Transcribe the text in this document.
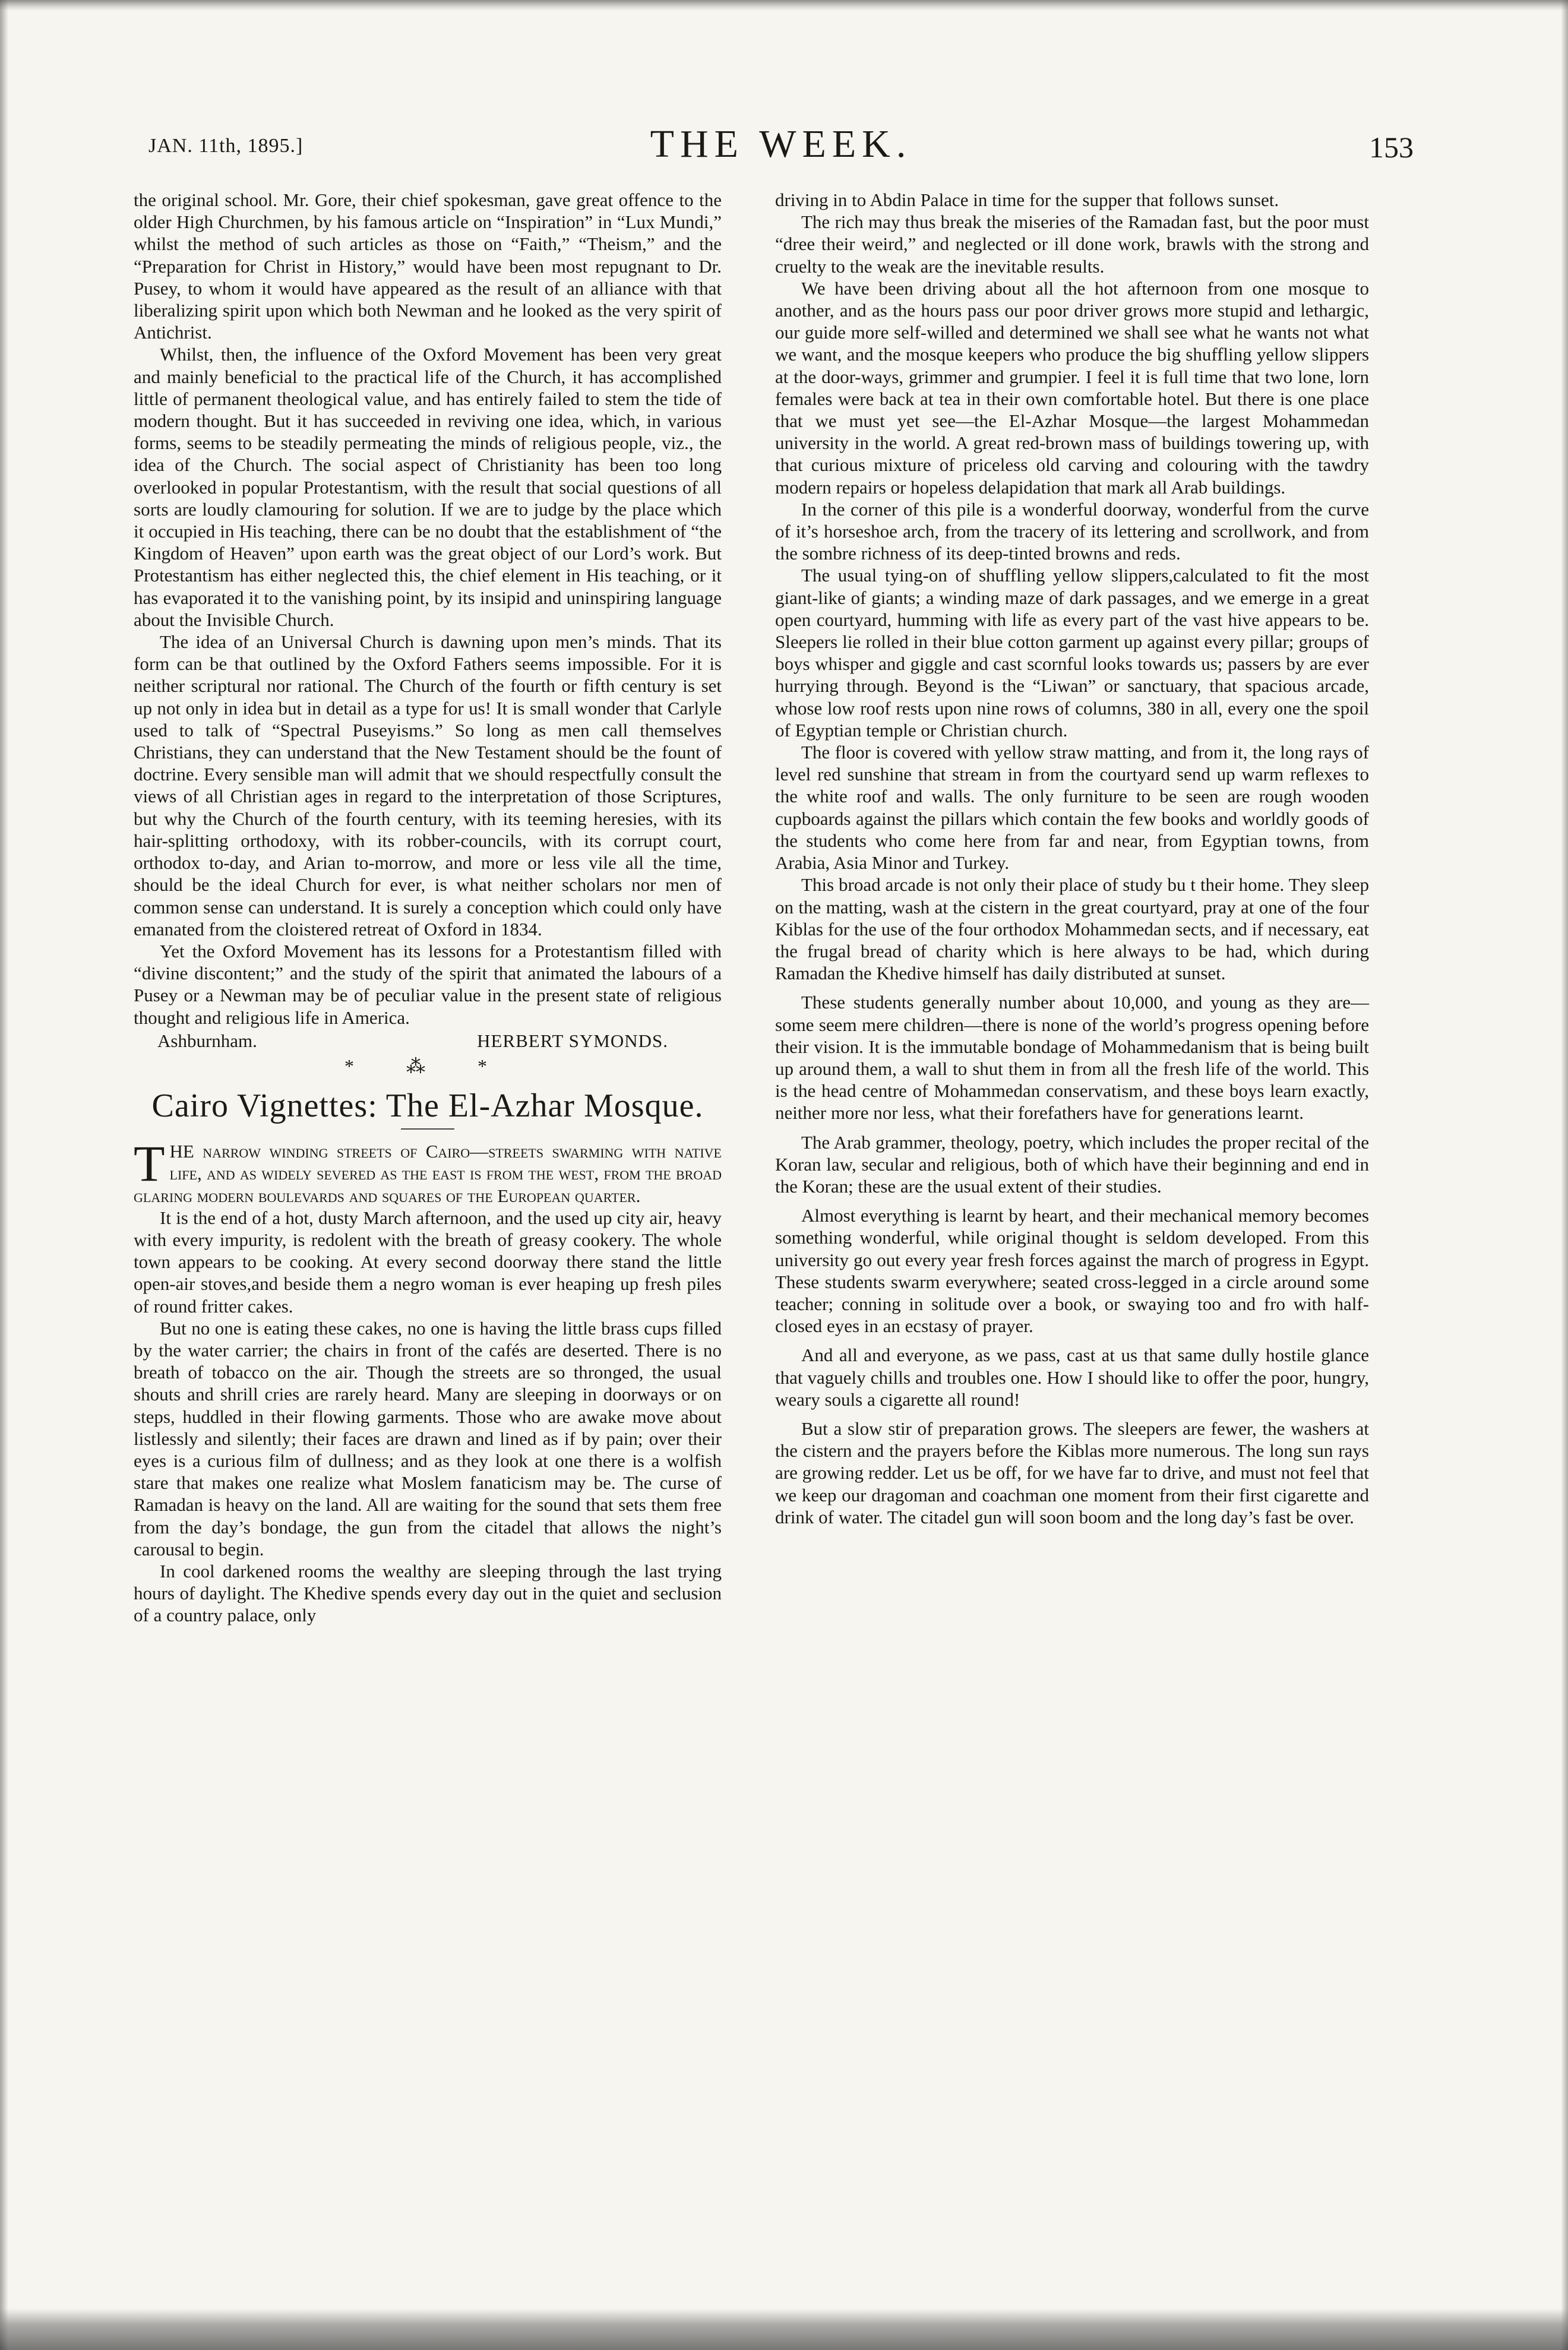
JAN. 11th, 1895.]	THE WEEK.	153

the original school. Mr. Gore, their chief spokesman, gave great offence to the older High Churchmen, by his famous article on “Inspiration” in “Lux Mundi,” whilst the method of such articles as those on “Faith,” “Theism,” and the “Preparation for Christ in History,” would have been most repugnant to Dr. Pusey, to whom it would have appeared as the result of an alliance with that liberalizing spirit upon which both Newman and he looked as the very spirit of Antichrist.

Whilst, then, the influence of the Oxford Movement has been very great and mainly beneficial to the practical life of the Church, it has accomplished little of permanent theological value, and has entirely failed to stem the tide of modern thought. But it has succeeded in reviving one idea, which, in various forms, seems to be steadily permeating the minds of religious people, viz., the idea of the Church. The social aspect of Christianity has been too long overlooked in popular Protestantism, with the result that social questions of all sorts are loudly clamouring for solution. If we are to judge by the place which it occupied in His teaching, there can be no doubt that the establishment of “the Kingdom of Heaven” upon earth was the great object of our Lord’s work. But Protestantism has either neglected this, the chief element in His teaching, or it has evaporated it to the vanishing point, by its insipid and uninspiring language about the Invisible Church.

The idea of an Universal Church is dawning upon men’s minds. That its form can be that outlined by the Oxford Fathers seems impossible. For it is neither scriptural nor rational. The Church of the fourth or fifth century is set up not only in idea but in detail as a type for us! It is small wonder that Carlyle used to talk of “Spectral Puseyisms.” So long as men call themselves Christians, they can understand that the New Testament should be the fount of doctrine. Every sensible man will admit that we should respectfully consult the views of all Christian ages in regard to the interpretation of those Scriptures, but why the Church of the fourth century, with its teeming heresies, with its hair-splitting orthodoxy, with its robber-councils, with its corrupt court, orthodox to-day, and Arian to-morrow, and more or less vile all the time, should be the ideal Church for ever, is what neither scholars nor men of common sense can understand. It is surely a conception which could only have emanated from the cloistered retreat of Oxford in 1834.

Yet the Oxford Movement has its lessons for a Protestantism filled with “divine discontent;” and the study of the spirit that animated the labours of a Pusey or a Newman may be of peculiar value in the present state of religious thought and religious life in America.

Ashburnham.	HERBERT SYMONDS.
* ⁂ *
Cairo Vignettes: The El-Azhar Mosque.

THE narrow winding streets of Cairo—streets swarming with native life, and as widely severed as the east is from the west, from the broad glaring modern boulevards and squares of the European quarter.

It is the end of a hot, dusty March afternoon, and the used up city air, heavy with every impurity, is redolent with the breath of greasy cookery. The whole town appears to be cooking. At every second doorway there stand the little open-air stoves,and beside them a negro woman is ever heaping up fresh piles of round fritter cakes.

But no one is eating these cakes, no one is having the little brass cups filled by the water carrier; the chairs in front of the cafés are deserted. There is no breath of tobacco on the air. Though the streets are so thronged, the usual shouts and shrill cries are rarely heard. Many are sleeping in doorways or on steps, huddled in their flowing garments. Those who are awake move about listlessly and silently; their faces are drawn and lined as if by pain; over their eyes is a curious film of dullness; and as they look at one there is a wolfish stare that makes one realize what Moslem fanaticism may be. The curse of Ramadan is heavy on the land. All are waiting for the sound that sets them free from the day’s bondage, the gun from the citadel that allows the night’s carousal to begin.

In cool darkened rooms the wealthy are sleeping through the last trying hours of daylight. The Khedive spends every day out in the quiet and seclusion of a country palace, only

driving in to Abdin Palace in time for the supper that follows sunset.

The rich may thus break the miseries of the Ramadan fast, but the poor must “dree their weird,” and neglected or ill done work, brawls with the strong and cruelty to the weak are the inevitable results.

We have been driving about all the hot afternoon from one mosque to another, and as the hours pass our poor driver grows more stupid and lethargic, our guide more self-willed and determined we shall see what he wants not what we want, and the mosque keepers who produce the big shuffling yellow slippers at the door-ways, grimmer and grumpier. I feel it is full time that two lone, lorn females were back at tea in their own comfortable hotel. But there is one place that we must yet see—the El-Azhar Mosque—the largest Mohammedan university in the world. A great red-brown mass of buildings towering up, with that curious mixture of priceless old carving and colouring with the tawdry modern repairs or hopeless delapidation that mark all Arab buildings.

In the corner of this pile is a wonderful doorway, wonderful from the curve of it’s horseshoe arch, from the tracery of its lettering and scrollwork, and from the sombre richness of its deep-tinted browns and reds.

The usual tying-on of shuffling yellow slippers,calculated to fit the most giant-like of giants; a winding maze of dark passages, and we emerge in a great open courtyard, humming with life as every part of the vast hive appears to be. Sleepers lie rolled in their blue cotton garment up against every pillar; groups of boys whisper and giggle and cast scornful looks towards us; passers by are ever hurrying through. Beyond is the “Liwan” or sanctuary, that spacious arcade, whose low roof rests upon nine rows of columns, 380 in all, every one the spoil of Egyptian temple or Christian church.

The floor is covered with yellow straw matting, and from it, the long rays of level red sunshine that stream in from the courtyard send up warm reflexes to the white roof and walls. The only furniture to be seen are rough wooden cupboards against the pillars which contain the few books and worldly goods of the students who come here from far and near, from Egyptian towns, from Arabia, Asia Minor and Turkey.

This broad arcade is not only their place of study bu t their home. They sleep on the matting, wash at the cistern in the great courtyard, pray at one of the four Kiblas for the use of the four orthodox Mohammedan sects, and if necessary, eat the frugal bread of charity which is here always to be had, which during Ramadan the Khedive himself has daily distributed at sunset.

These students generally number about 10,000, and young as they are—some seem mere children—there is none of the world’s progress opening before their vision. It is the immutable bondage of Mohammedanism that is being built up around them, a wall to shut them in from all the fresh life of the world. This is the head centre of Mohammedan conservatism, and these boys learn exactly, neither more nor less, what their forefathers have for generations learnt.

The Arab grammer, theology, poetry, which includes the proper recital of the Koran law, secular and religious, both of which have their beginning and end in the Koran; these are the usual extent of their studies.

Almost everything is learnt by heart, and their mechanical memory becomes something wonderful, while original thought is seldom developed. From this university go out every year fresh forces against the march of progress in Egypt. These students swarm everywhere; seated cross-legged in a circle around some teacher; conning in solitude over a book, or swaying too and fro with half-closed eyes in an ecstasy of prayer.

And all and everyone, as we pass, cast at us that same dully hostile glance that vaguely chills and troubles one. How I should like to offer the poor, hungry, weary souls a cigarette all round!

But a slow stir of preparation grows. The sleepers are fewer, the washers at the cistern and the prayers before the Kiblas more numerous. The long sun rays are growing redder. Let us be off, for we have far to drive, and must not feel that we keep our dragoman and coachman one moment from their first cigarette and drink of water. The citadel gun will soon boom and the long day’s fast be over.
